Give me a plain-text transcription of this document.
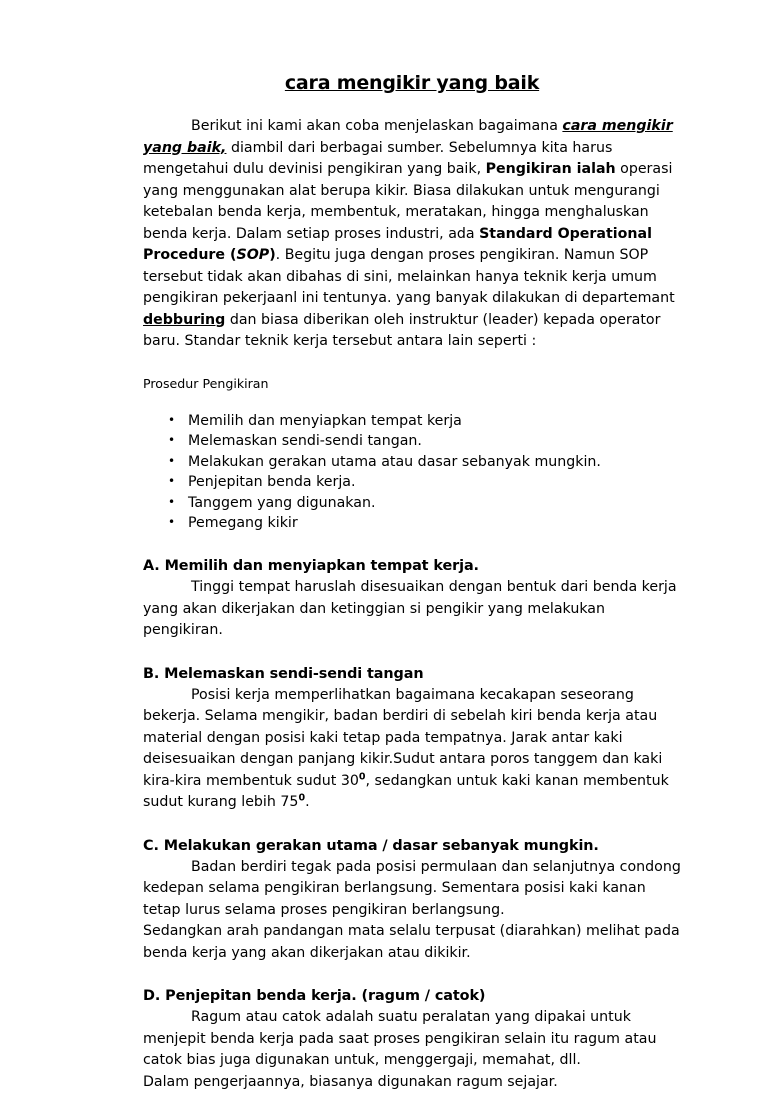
cara mengikir yang baik

Berikut ini kami akan coba menjelaskan bagaimana cara mengikir yang baik, diambil dari berbagai sumber. Sebelumnya kita harus mengetahui dulu devinisi pengikiran yang baik, Pengikiran ialah operasi yang menggunakan alat berupa kikir. Biasa dilakukan untuk mengurangi ketebalan benda kerja, membentuk, meratakan, hingga menghaluskan benda kerja. Dalam setiap proses industri, ada Standard Operational Procedure (SOP). Begitu juga dengan proses pengikiran. Namun SOP tersebut tidak akan dibahas di sini, melainkan hanya teknik kerja umum pengikiran pekerjaanl ini tentunya. yang banyak dilakukan di departemant debburing dan biasa diberikan oleh instruktur (leader) kepada operator baru. Standar teknik kerja tersebut antara lain seperti :

Prosedur Pengikiran

• Memilih dan menyiapkan tempat kerja
• Melemaskan sendi-sendi tangan.
• Melakukan gerakan utama atau dasar sebanyak mungkin.
• Penjepitan benda kerja.
• Tanggem yang digunakan.
• Pemegang kikir
A. Memilih dan menyiapkan tempat kerja.

Tinggi tempat haruslah disesuaikan dengan bentuk dari benda kerja yang akan dikerjakan dan ketinggian si pengikir yang melakukan pengikiran.

B. Melemaskan sendi-sendi tangan

Posisi kerja memperlihatkan bagaimana kecakapan seseorang bekerja. Selama mengikir, badan berdiri di sebelah kiri benda kerja atau material dengan posisi kaki tetap pada tempatnya. Jarak antar kaki deisesuaikan dengan panjang kikir.Sudut antara poros tanggem dan kaki kira-kira membentuk sudut $30^0$, sedangkan untuk kaki kanan membentuk sudut kurang lebih $75^0$.

C. Melakukan gerakan utama / dasar sebanyak mungkin.

Badan berdiri tegak pada posisi permulaan dan selanjutnya condong kedepan selama pengikiran berlangsung. Sementara posisi kaki kanan tetap lurus selama proses pengikiran berlangsung.

Sedangkan arah pandangan mata selalu terpusat (diarahkan) melihat pada benda kerja yang akan dikerjakan atau dikikir.

D. Penjepitan benda kerja. (ragum / catok)

Ragum atau catok adalah suatu peralatan yang dipakai untuk menjepit benda kerja pada saat proses pengikiran selain itu ragum atau catok bias juga digunakan untuk, menggergaji, memahat, dll.

Dalam pengerjaannya, biasanya digunakan ragum sejajar.
